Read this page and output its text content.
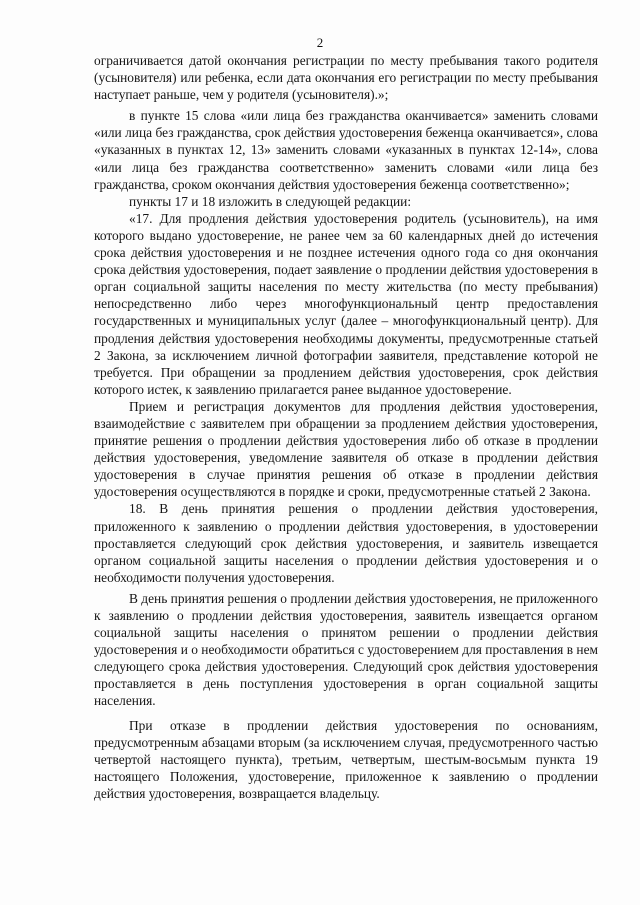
2

ограничивается датой окончания регистрации по месту пребывания такого родителя (усыновителя) или ребенка, если дата окончания его регистрации по месту пребывания наступает раньше, чем у родителя (усыновителя).»;

в пункте 15 слова «или лица без гражданства оканчивается» заменить словами «или лица без гражданства, срок действия удостоверения беженца оканчивается», слова «указанных в пунктах 12, 13» заменить словами «указанных в пунктах 12-14», слова «или лица без гражданства соответственно» заменить словами «или лица без гражданства, сроком окончания действия удостоверения беженца соответственно»;

пункты 17 и 18 изложить в следующей редакции:

«17. Для продления действия удостоверения родитель (усыновитель), на имя которого выдано удостоверение, не ранее чем за 60 календарных дней до истечения срока действия удостоверения и не позднее истечения одного года со дня окончания срока действия удостоверения, подает заявление о продлении действия удостоверения в орган социальной защиты населения по месту жительства (по месту пребывания) непосредственно либо через многофункциональный центр предоставления государственных и муниципальных услуг (далее – многофункциональный центр). Для продления действия удостоверения необходимы документы, предусмотренные статьей 2 Закона, за исключением личной фотографии заявителя, представление которой не требуется. При обращении за продлением действия удостоверения, срок действия которого истек, к заявлению прилагается ранее выданное удостоверение.

Прием и регистрация документов для продления действия удостоверения, взаимодействие с заявителем при обращении за продлением действия удостоверения, принятие решения о продлении действия удостоверения либо об отказе в продлении действия удостоверения, уведомление заявителя об отказе в продлении действия удостоверения в случае принятия решения об отказе в продлении действия удостоверения осуществляются в порядке и сроки, предусмотренные статьей 2 Закона.

18. В день принятия решения о продлении действия удостоверения, приложенного к заявлению о продлении действия удостоверения, в удостоверении проставляется следующий срок действия удостоверения, и заявитель извещается органом социальной защиты населения о продлении действия удостоверения и о необходимости получения удостоверения.

В день принятия решения о продлении действия удостоверения, не приложенного к заявлению о продлении действия удостоверения, заявитель извещается органом социальной защиты населения о принятом решении о продлении действия удостоверения и о необходимости обратиться с удостоверением для проставления в нем следующего срока действия удостоверения. Следующий срок действия удостоверения проставляется в день поступления удостоверения в орган социальной защиты населения.

При отказе в продлении действия удостоверения по основаниям, предусмотренным абзацами вторым (за исключением случая, предусмотренного частью четвертой настоящего пункта), третьим, четвертым, шестым-восьмым пункта 19 настоящего Положения, удостоверение, приложенное к заявлению о продлении действия удостоверения, возвращается владельцу.
